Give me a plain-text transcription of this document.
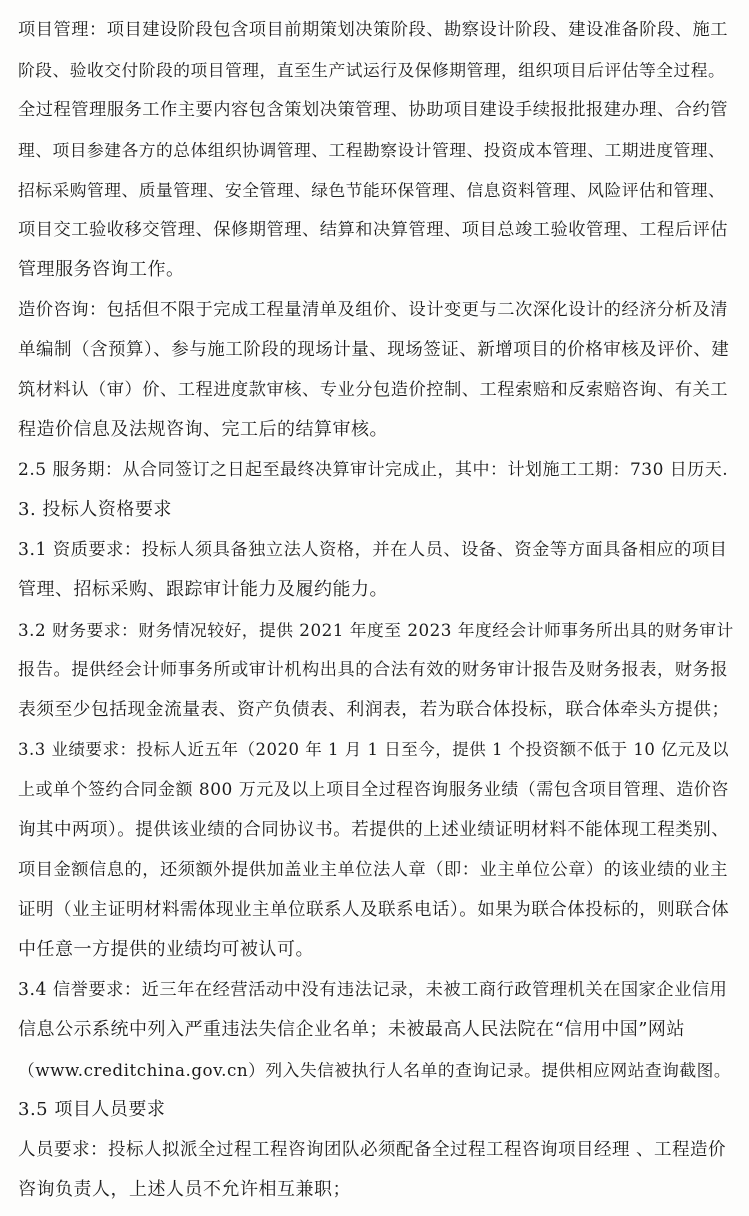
项目管理：项目建设阶段包含项目前期策划决策阶段、勘察设计阶段、建设准备阶段、施工
阶段、验收交付阶段的项目管理，直至生产试运行及保修期管理，组织项目后评估等全过程。
全过程管理服务工作主要内容包含策划决策管理、协助项目建设手续报批报建办理、合约管
理、项目参建各方的总体组织协调管理、工程勘察设计管理、投资成本管理、工期进度管理、
招标采购管理、质量管理、安全管理、绿色节能环保管理、信息资料管理、风险评估和管理、
项目交工验收移交管理、保修期管理、结算和决算管理、项目总竣工验收管理、工程后评估
管理服务咨询工作。
造价咨询：包括但不限于完成工程量清单及组价、设计变更与二次深化设计的经济分析及清
单编制（含预算）、参与施工阶段的现场计量、现场签证、新增项目的价格审核及评价、建
筑材料认（审）价、工程进度款审核、专业分包造价控制、工程索赔和反索赔咨询、有关工
程造价信息及法规咨询、完工后的结算审核。
2.5 服务期：从合同签订之日起至最终决算审计完成止，其中：计划施工工期：730 日历天.
3. 投标人资格要求
3.1 资质要求：投标人须具备独立法人资格，并在人员、设备、资金等方面具备相应的项目
管理、招标采购、跟踪审计能力及履约能力。
3.2 财务要求：财务情况较好，提供 2021 年度至 2023 年度经会计师事务所出具的财务审计
报告。提供经会计师事务所或审计机构出具的合法有效的财务审计报告及财务报表，财务报
表须至少包括现金流量表、资产负债表、利润表，若为联合体投标，联合体牵头方提供；
3.3 业绩要求：投标人近五年（2020 年 1 月 1 日至今，提供 1 个投资额不低于 10 亿元及以
上或单个签约合同金额 800 万元及以上项目全过程咨询服务业绩（需包含项目管理、造价咨
询其中两项）。提供该业绩的合同协议书。若提供的上述业绩证明材料不能体现工程类别、
项目金额信息的，还须额外提供加盖业主单位法人章（即：业主单位公章）的该业绩的业主
证明（业主证明材料需体现业主单位联系人及联系电话）。如果为联合体投标的，则联合体
中任意一方提供的业绩均可被认可。
3.4 信誉要求：近三年在经营活动中没有违法记录，未被工商行政管理机关在国家企业信用
信息公示系统中列入严重违法失信企业名单；未被最高人民法院在“信用中国”网站
（www.creditchina.gov.cn）列入失信被执行人名单的查询记录。提供相应网站查询截图。
3.5 项目人员要求
人员要求：投标人拟派全过程工程咨询团队必须配备全过程工程咨询项目经理 、工程造价
咨询负责人，上述人员不允许相互兼职；
